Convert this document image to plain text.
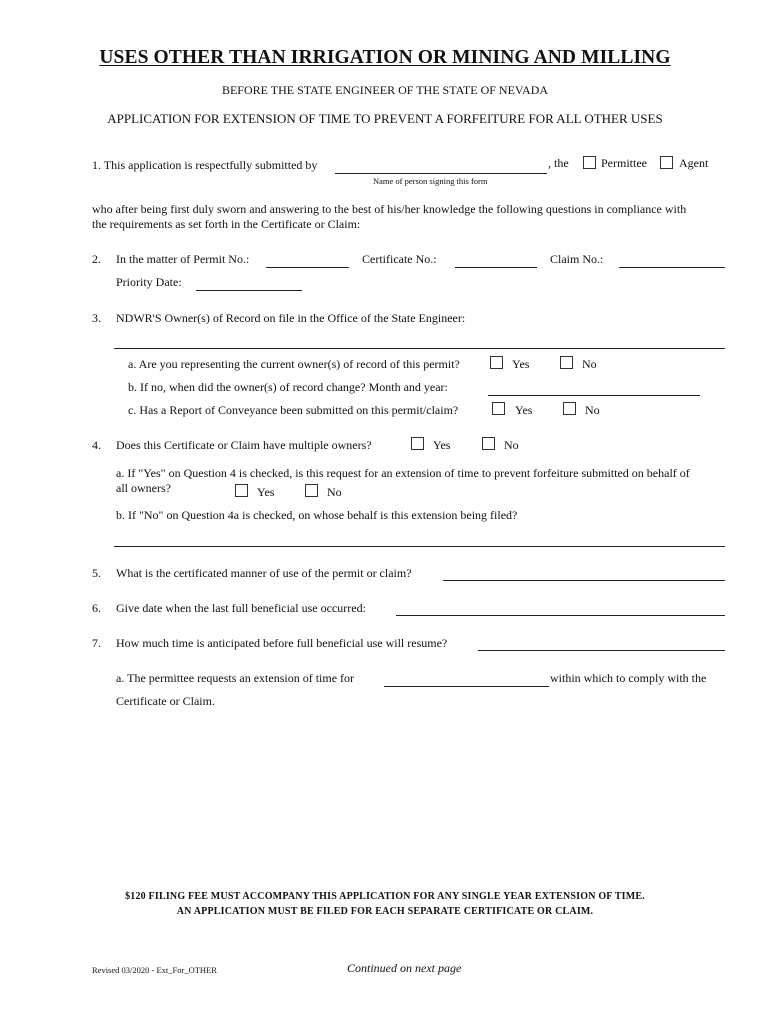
USES OTHER THAN IRRIGATION OR MINING AND MILLING
BEFORE THE STATE ENGINEER OF THE STATE OF NEVADA
APPLICATION FOR EXTENSION OF TIME TO PREVENT A FORFEITURE FOR ALL OTHER USES
1. This application is respectfully submitted by
Name of person signing this form
, the	Permittee	Agent
who after being first duly sworn and answering to the best of his/her knowledge the following questions in compliance with
the requirements as set forth in the Certificate or Claim:
2. In the matter of Permit No.:	Certificate No.:	Claim No.:
Priority Date:
3. NDWR'S Owner(s) of Record on file in the Office of the State Engineer:
a. Are you representing the current owner(s) of record of this permit?	Yes	No
b. If no, when did the owner(s) of record change? Month and year:
c. Has a Report of Conveyance been submitted on this permit/claim?	Yes	No
4. Does this Certificate or Claim have multiple owners?	Yes	No
a. If "Yes" on Question 4 is checked, is this request for an extension of time to prevent forfeiture submitted on behalf of
all owners?	Yes	No
b. If "No" on Question 4a is checked, on whose behalf is this extension being filed?
5. What is the certificated manner of use of the permit or claim?
6. Give date when the last full beneficial use occurred:
7. How much time is anticipated before full beneficial use will resume?
a. The permittee requests an extension of time for	within which to comply with the
Certificate or Claim.
$120 FILING FEE MUST ACCOMPANY THIS APPLICATION FOR ANY SINGLE YEAR EXTENSION OF TIME.
AN APPLICATION MUST BE FILED FOR EACH SEPARATE CERTIFICATE OR CLAIM.
Revised 03/2020 - Ext_For_OTHER	Continued on next page
